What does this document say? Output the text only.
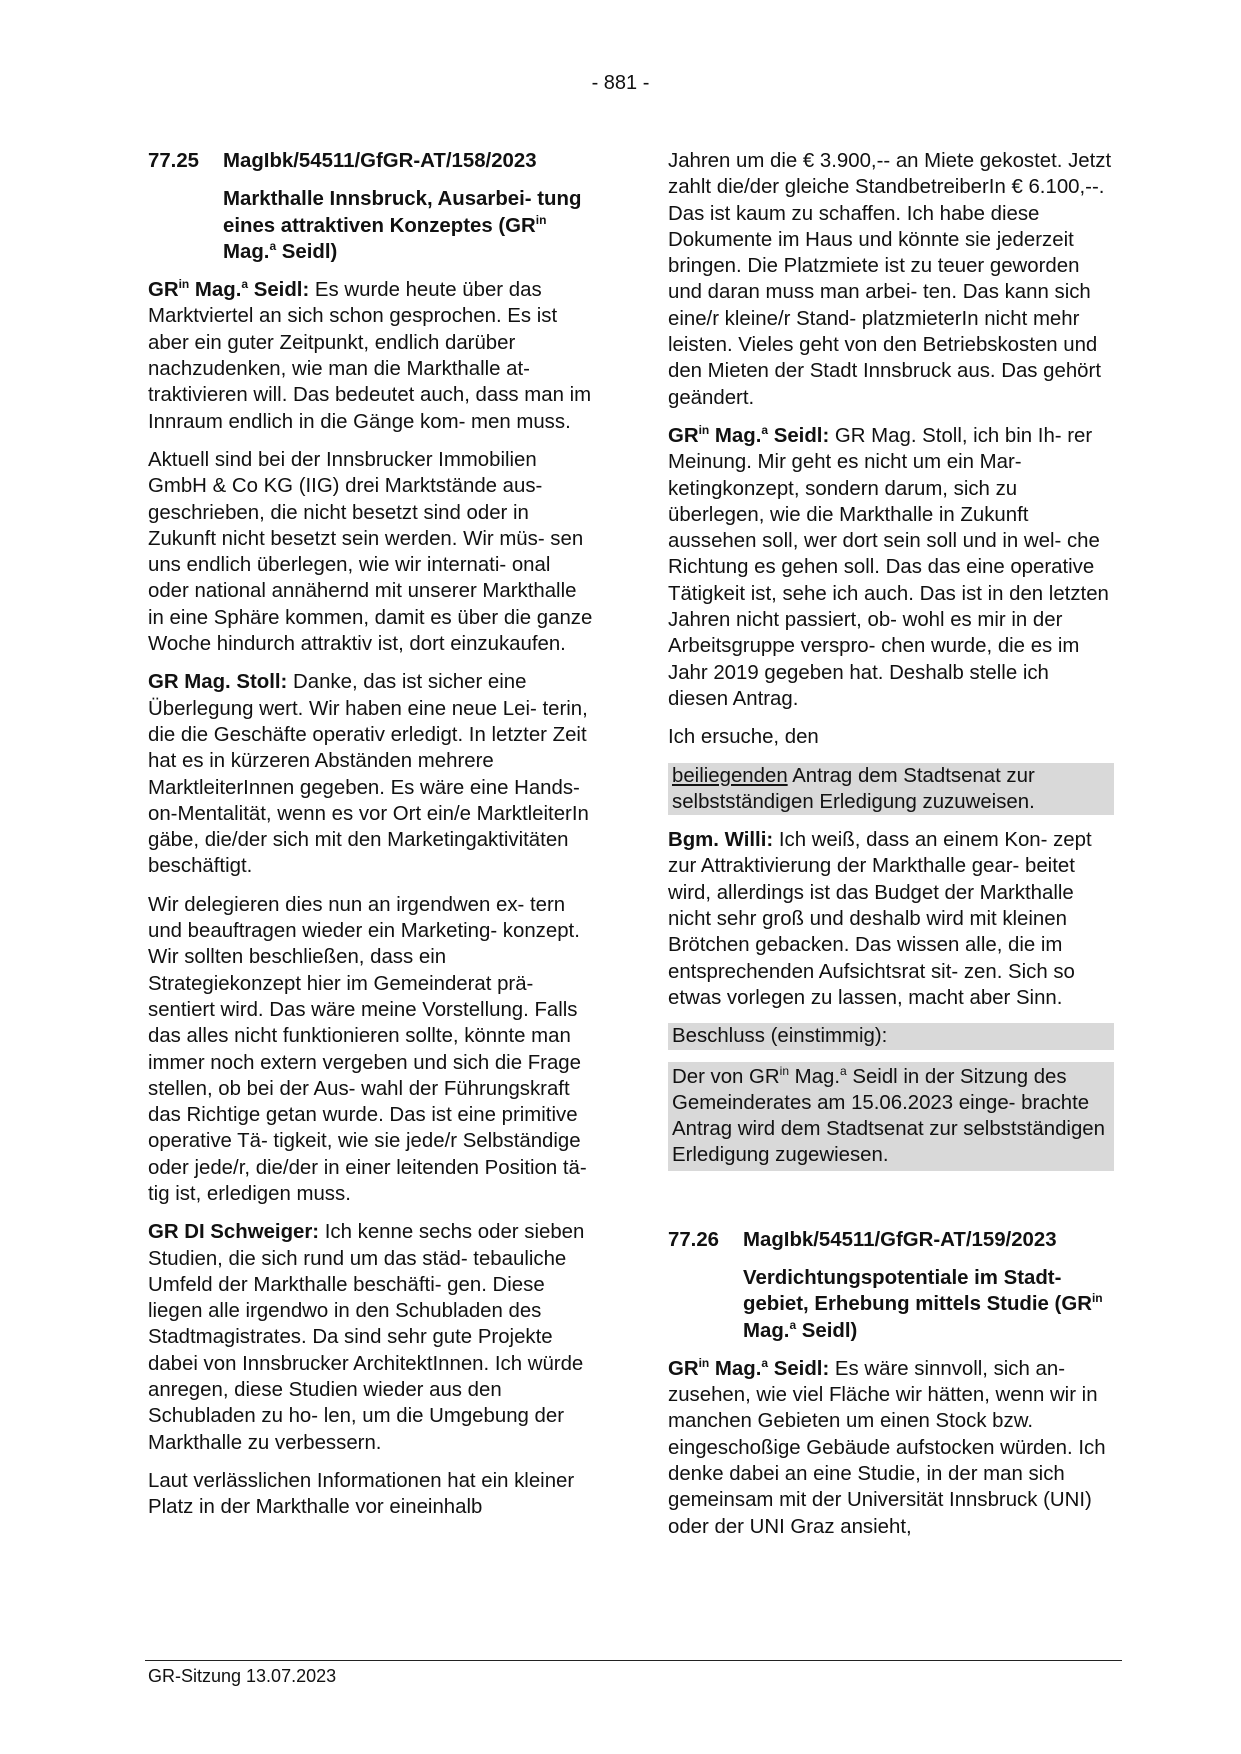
- 881 -
77.25	MagIbk/54511/GfGR-AT/158/2023
Markthalle Innsbruck, Ausarbei- tung eines attraktiven Konzeptes ($GR^{in}$ Mag.$^a$ Seidl)

$GR^{in}$ Mag.$^a$ Seidl: Es wurde heute über das Marktviertel an sich schon gesprochen. Es ist aber ein guter Zeitpunkt, endlich darüber nachzudenken, wie man die Markthalle at- traktivieren will. Das bedeutet auch, dass man im Innraum endlich in die Gänge kom- men muss.

Aktuell sind bei der Innsbrucker Immobilien GmbH & Co KG (IIG) drei Marktstände aus- geschrieben, die nicht besetzt sind oder in Zukunft nicht besetzt sein werden. Wir müs- sen uns endlich überlegen, wie wir internati- onal oder national annähernd mit unserer Markthalle in eine Sphäre kommen, damit es über die ganze Woche hindurch attraktiv ist, dort einzukaufen.

GR Mag. Stoll: Danke, das ist sicher eine Überlegung wert. Wir haben eine neue Lei- terin, die die Geschäfte operativ erledigt. In letzter Zeit hat es in kürzeren Abständen mehrere MarktleiterInnen gegeben. Es wäre eine Hands-on-Mentalität, wenn es vor Ort ein/e MarktleiterIn gäbe, die/der sich mit den Marketingaktivitäten beschäftigt.

Wir delegieren dies nun an irgendwen ex- tern und beauftragen wieder ein Marketing- konzept. Wir sollten beschließen, dass ein Strategiekonzept hier im Gemeinderat prä- sentiert wird. Das wäre meine Vorstellung. Falls das alles nicht funktionieren sollte, könnte man immer noch extern vergeben und sich die Frage stellen, ob bei der Aus- wahl der Führungskraft das Richtige getan wurde. Das ist eine primitive operative Tä- tigkeit, wie sie jede/r Selbständige oder jede/r, die/der in einer leitenden Position tä- tig ist, erledigen muss.

GR DI Schweiger: Ich kenne sechs oder sieben Studien, die sich rund um das städ- tebauliche Umfeld der Markthalle beschäfti- gen. Diese liegen alle irgendwo in den Schubladen des Stadtmagistrates. Da sind sehr gute Projekte dabei von Innsbrucker ArchitektInnen. Ich würde anregen, diese Studien wieder aus den Schubladen zu ho- len, um die Umgebung der Markthalle zu verbessern.

Laut verlässlichen Informationen hat ein kleiner Platz in der Markthalle vor eineinhalb

Jahren um die € 3.900,-- an Miete gekostet. Jetzt zahlt die/der gleiche StandbetreiberIn € 6.100,--. Das ist kaum zu schaffen. Ich habe diese Dokumente im Haus und könnte sie jederzeit bringen. Die Platzmiete ist zu teuer geworden und daran muss man arbei- ten. Das kann sich eine/r kleine/r Stand- platzmieterIn nicht mehr leisten. Vieles geht von den Betriebskosten und den Mieten der Stadt Innsbruck aus. Das gehört geändert.

$GR^{in}$ Mag.$^a$ Seidl: GR Mag. Stoll, ich bin Ih- rer Meinung. Mir geht es nicht um ein Mar- ketingkonzept, sondern darum, sich zu überlegen, wie die Markthalle in Zukunft aussehen soll, wer dort sein soll und in wel- che Richtung es gehen soll. Das das eine operative Tätigkeit ist, sehe ich auch. Das ist in den letzten Jahren nicht passiert, ob- wohl es mir in der Arbeitsgruppe verspro- chen wurde, die es im Jahr 2019 gegeben hat. Deshalb stelle ich diesen Antrag.

Ich ersuche, den

beiliegenden Antrag dem Stadtsenat zur selbstständigen Erledigung zuzuweisen.

Bgm. Willi: Ich weiß, dass an einem Kon- zept zur Attraktivierung der Markthalle gear- beitet wird, allerdings ist das Budget der Markthalle nicht sehr groß und deshalb wird mit kleinen Brötchen gebacken. Das wissen alle, die im entsprechenden Aufsichtsrat sit- zen. Sich so etwas vorlegen zu lassen, macht aber Sinn.

Beschluss (einstimmig):

Der von $GR^{in}$ Mag.$^a$ Seidl in der Sitzung des Gemeinderates am 15.06.2023 einge- brachte Antrag wird dem Stadtsenat zur selbstständigen Erledigung zugewiesen.

77.26	MagIbk/54511/GfGR-AT/159/2023
Verdichtungspotentiale im Stadt- gebiet, Erhebung mittels Studie ($GR^{in}$ Mag.$^a$ Seidl)

$GR^{in}$ Mag.$^a$ Seidl: Es wäre sinnvoll, sich an- zusehen, wie viel Fläche wir hätten, wenn wir in manchen Gebieten um einen Stock bzw. eingeschoßige Gebäude aufstocken würden. Ich denke dabei an eine Studie, in der man sich gemeinsam mit der Universität Innsbruck (UNI) oder der UNI Graz ansieht,

GR-Sitzung 13.07.2023
